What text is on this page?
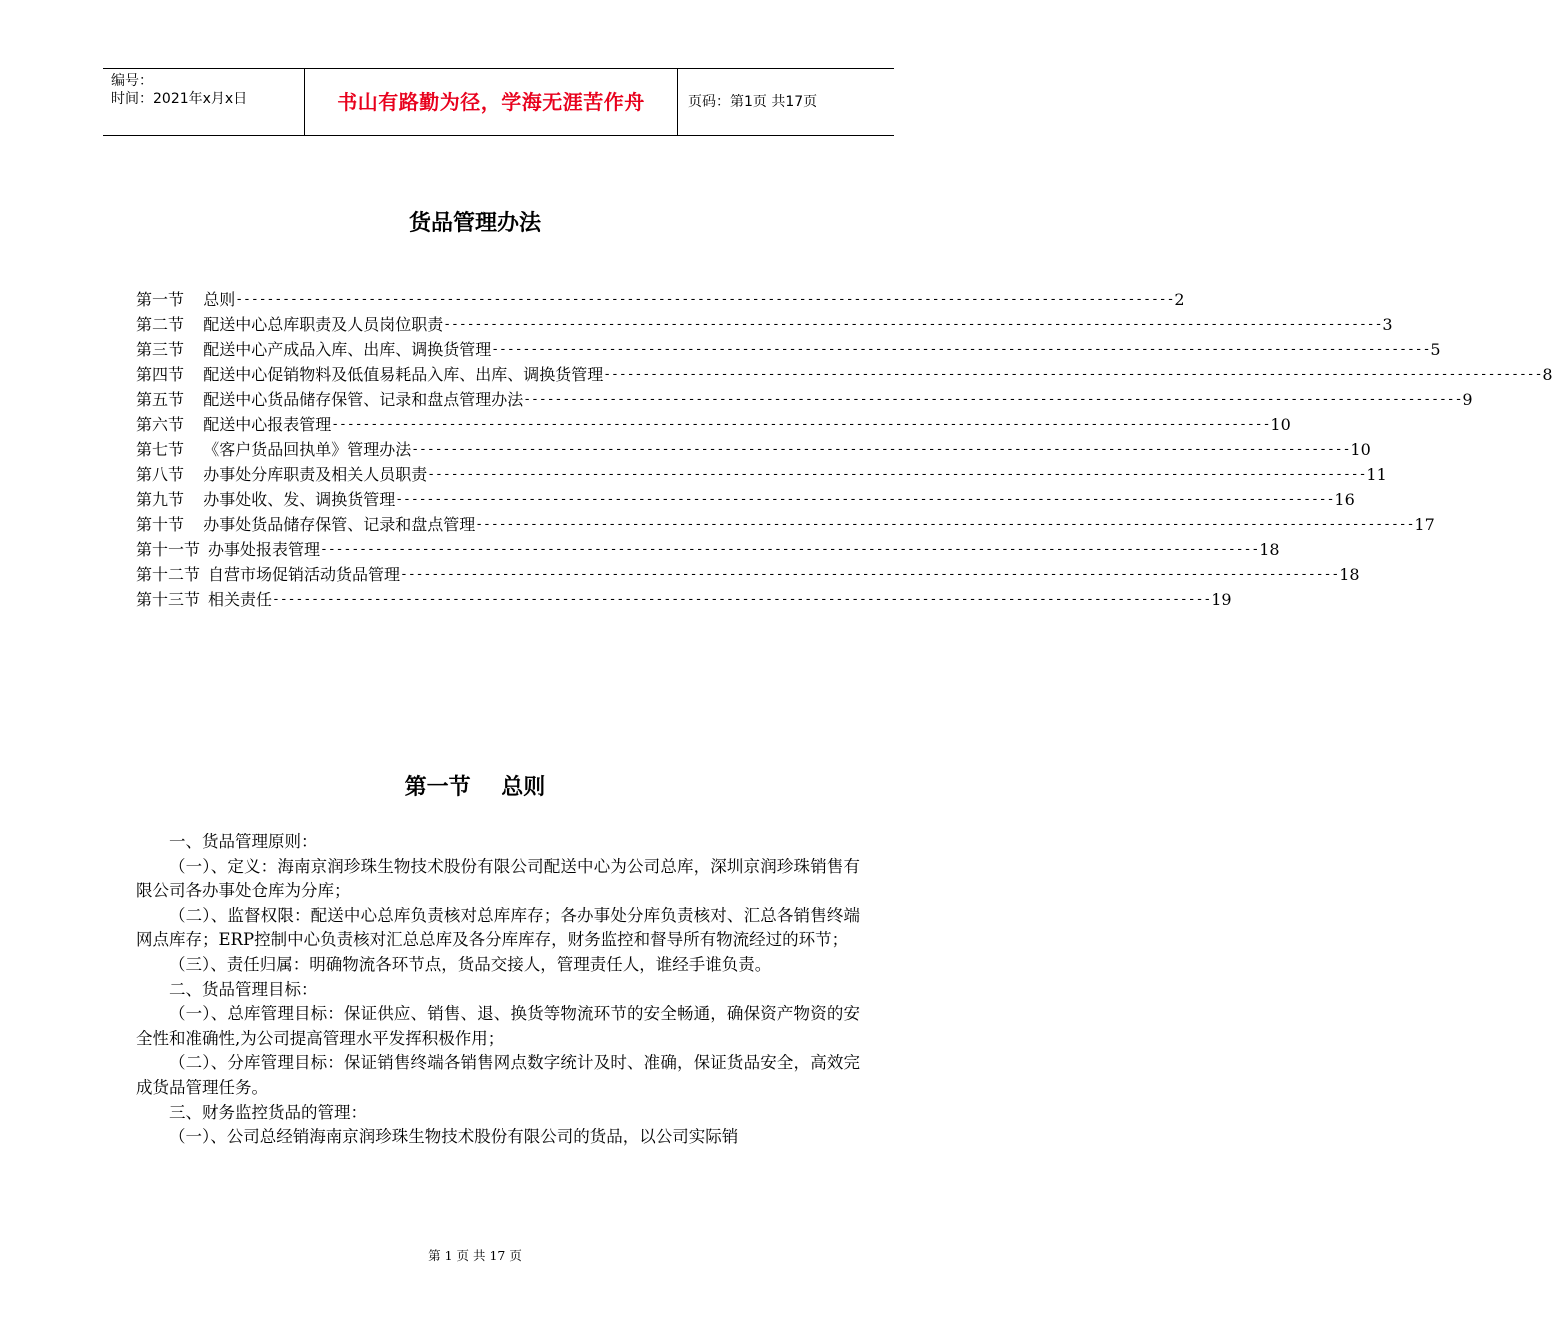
编号：
时间：2021年x月x日	书山有路勤为径，学海无涯苦作舟	页码：第1页 共17页
货品管理办法
第一节 总则 ------------------------------------------------------------------------------------------------------------------------ 2
第二节 配送中心总库职责及人员岗位职责 ------------------------------------------------------------------------------------------------------------------------ 3
第三节 配送中心产成品入库、出库、调换货管理 ------------------------------------------------------------------------------------------------------------------------ 5
第四节 配送中心促销物料及低值易耗品入库、出库、调换货管理 ------------------------------------------------------------------------------------------------------------------------ 8
第五节 配送中心货品储存保管、记录和盘点管理办法 ------------------------------------------------------------------------------------------------------------------------ 9
第六节 配送中心报表管理 ------------------------------------------------------------------------------------------------------------------------ 10
第七节 《客户货品回执单》管理办法 ------------------------------------------------------------------------------------------------------------------------ 10
第八节 办事处分库职责及相关人员职责 ------------------------------------------------------------------------------------------------------------------------ 11
第九节 办事处收、发、调换货管理 ------------------------------------------------------------------------------------------------------------------------ 16
第十节 办事处货品储存保管、记录和盘点管理 ------------------------------------------------------------------------------------------------------------------------ 17
第十一节 办事处报表管理 ------------------------------------------------------------------------------------------------------------------------ 18
第十二节 自营市场促销活动货品管理 ------------------------------------------------------------------------------------------------------------------------ 18
第十三节 相关责任 ------------------------------------------------------------------------------------------------------------------------ 19
第一节    总则

一、货品管理原则：

（一）、定义：海南京润珍珠生物技术股份有限公司配送中心为公司总库，深圳京润珍珠销售有限公司各办事处仓库为分库；

（二）、监督权限：配送中心总库负责核对总库库存；各办事处分库负责核对、汇总各销售终端网点库存；ERP控制中心负责核对汇总总库及各分库库存，财务监控和督导所有物流经过的环节；

（三）、责任归属：明确物流各环节点，货品交接人，管理责任人，谁经手谁负责。

二、货品管理目标：

（一）、总库管理目标：保证供应、销售、退、换货等物流环节的安全畅通，确保资产物资的安全性和准确性,为公司提高管理水平发挥积极作用；

（二）、分库管理目标：保证销售终端各销售网点数字统计及时、准确，保证货品安全，高效完成货品管理任务。

三、财务监控货品的管理：

（一）、公司总经销海南京润珍珠生物技术股份有限公司的货品，以公司实际销

第 1 页 共 17 页
